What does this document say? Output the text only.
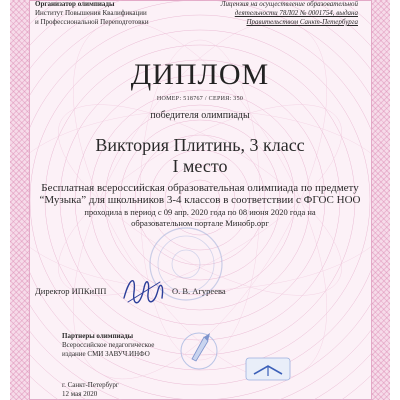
Организатор олимпиады
Институт Повышения Квалификации
и Профессиональной Переподготовки
Лицензия на осуществление образовательной
деятельности 78Л02 № 0001754, выдана
Правительством Санкт-Петербурга
ДИПЛОМ
НОМЕР: 518767 / СЕРИЯ: 350
победителя олимпиады
Виктория Плитинь, 3 класс
I место
Бесплатная всероссийская образовательная олимпиада по предмету
“Музыка” для школьников 3-4 классов в соответствии с ФГОС НОО
проходила в период с 09 апр. 2020 года по 08 июня 2020 года на
образовательном портале Минобр.орг
Директор ИПКиПП	О. В. Агуреева
Партнеры олимпиады
Всероссийское педагогическое
издание СМИ ЗАВУЧ.ИНФО
г. Санкт-Петербург
12 мая 2020
